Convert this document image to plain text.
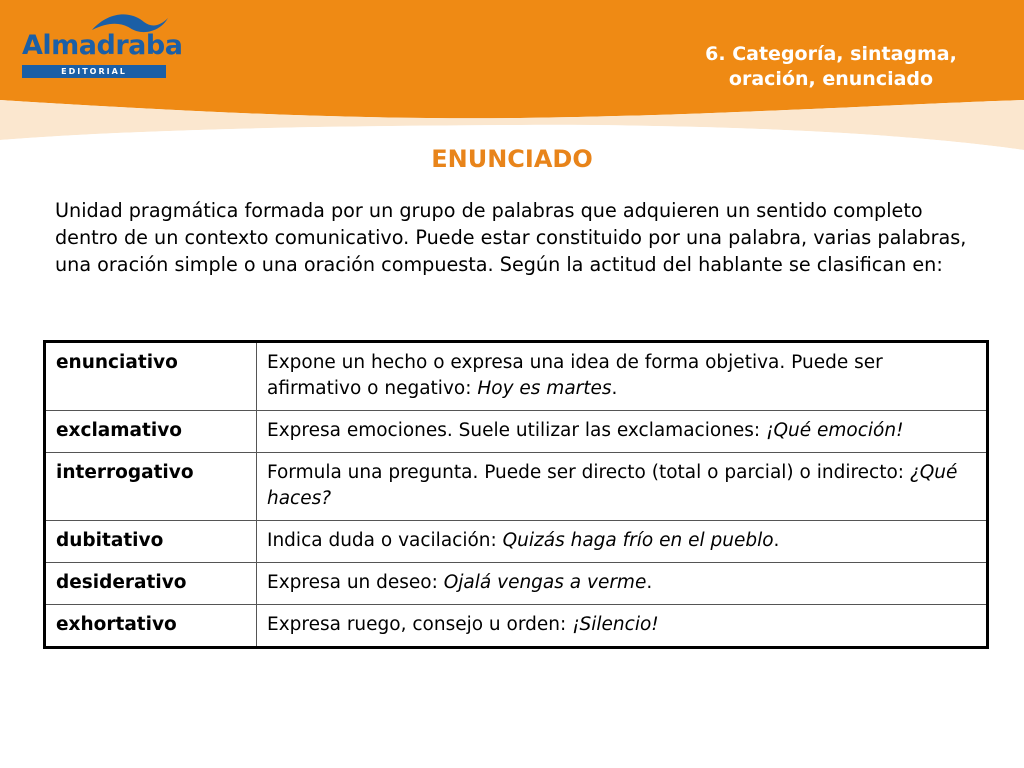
Almadraba
EDITORIAL
6. Categoría, sintagma,
oración, enunciado
ENUNCIADO
Unidad pragmática formada por un grupo de palabras que adquieren un sentido completo dentro de un contexto comunicativo. Puede estar constituido por una palabra, varias palabras, una oración simple o una oración compuesta. Según la actitud del hablante se clasifican en:
enunciativo	Expone un hecho o expresa una idea de forma objetiva. Puede ser afirmativo o negativo: Hoy es martes.
exclamativo	Expresa emociones. Suele utilizar las exclamaciones: ¡Qué emoción!
interrogativo	Formula una pregunta. Puede ser directo (total o parcial) o indirecto: ¿Qué haces?
dubitativo	Indica duda o vacilación: Quizás haga frío en el pueblo.
desiderativo	Expresa un deseo: Ojalá vengas a verme.
exhortativo	Expresa ruego, consejo u orden: ¡Silencio!
